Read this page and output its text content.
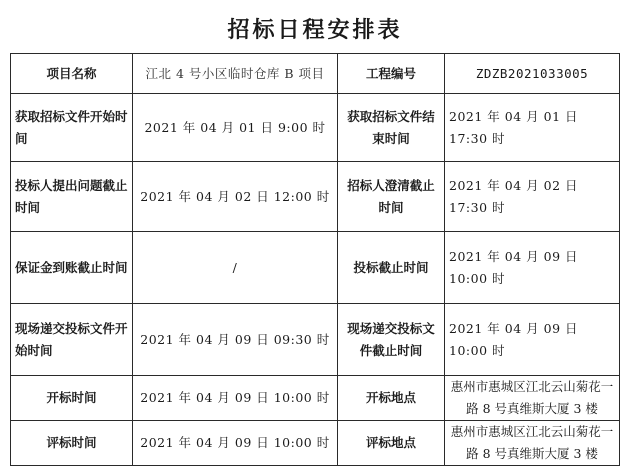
招标日程安排表
项目名称	江北 4 号小区临时仓库 B 项目	工程编号	ZDZB2021033005
获取招标文件开始时间	2021 年 04 月 01 日 9:00 时	获取招标文件结束时间	2021 年 04 月 01 日 17:30 时
投标人提出问题截止时间	2021 年 04 月 02 日 12:00 时	招标人澄清截止时间	2021 年 04 月 02 日 17:30 时
保证金到账截止时间	/	投标截止时间	2021 年 04 月 09 日 10:00 时
现场递交投标文件开始时间	2021 年 04 月 09 日 09:30 时	现场递交投标文件截止时间	2021 年 04 月 09 日 10:00 时
开标时间	2021 年 04 月 09 日 10:00 时	开标地点	惠州市惠城区江北云山菊花一路 8 号真维斯大厦 3 楼
评标时间	2021 年 04 月 09 日 10:00 时	评标地点	惠州市惠城区江北云山菊花一路 8 号真维斯大厦 3 楼
